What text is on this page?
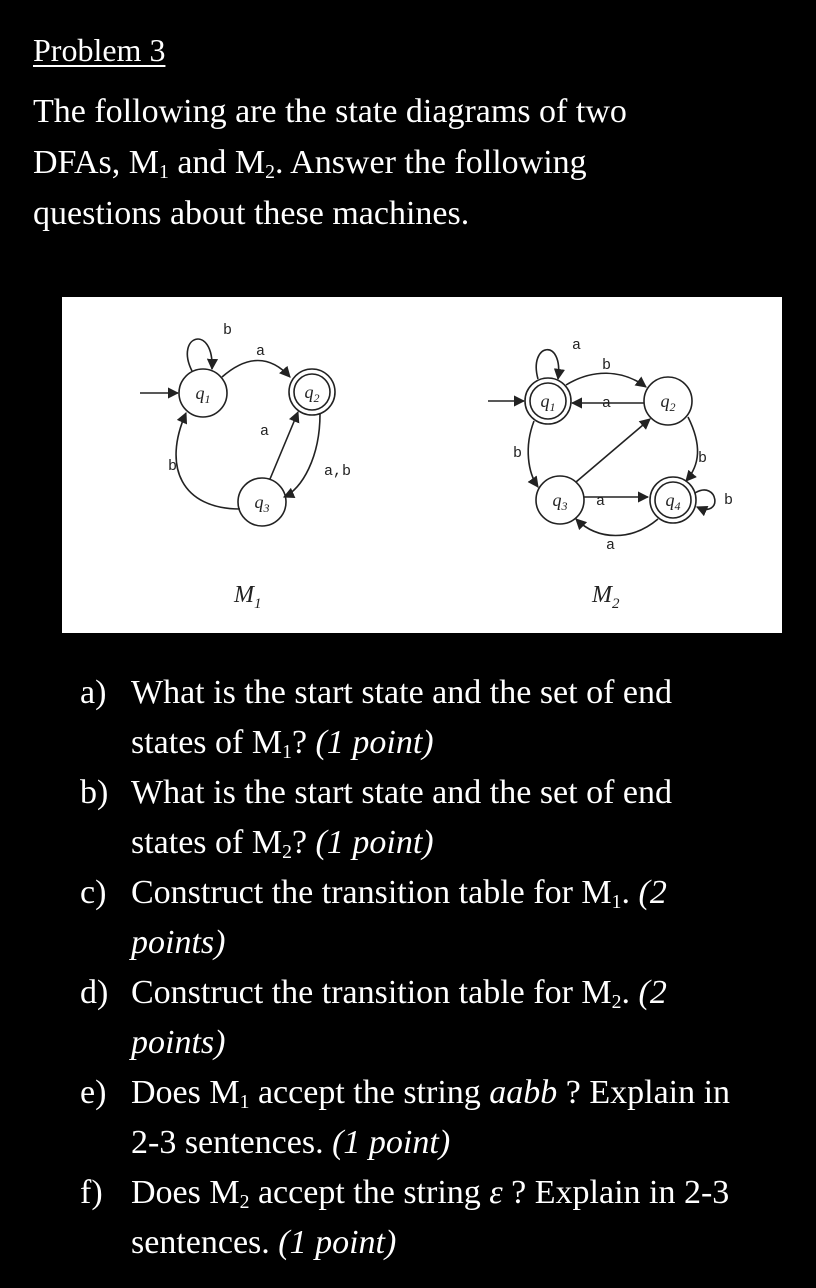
Problem 3
The following are the state diagrams of two
DFAs, $M_1$ and $M_2$. Answer the following
questions about these machines.
$q_1$	$q_2$
$q_3$
b
a
a
b	a,b
$M_1$
$q_1$	$q_2$
$q_3$	$q_4$
a
b
a
b
a
a
b
b
$M_2$
a) What is the start state and the set of end
states of $M_1$? (1 point)
b) What is the start state and the set of end
states of $M_2$? (1 point)
c) Construct the transition table for $M_1$. (2
points)
d) Construct the transition table for $M_2$. (2
points)
e) Does $M_1$ accept the string aabb ? Explain in
2-3 sentences. (1 point)
f) Does $M_2$ accept the string ε ? Explain in 2-3
sentences. (1 point)
